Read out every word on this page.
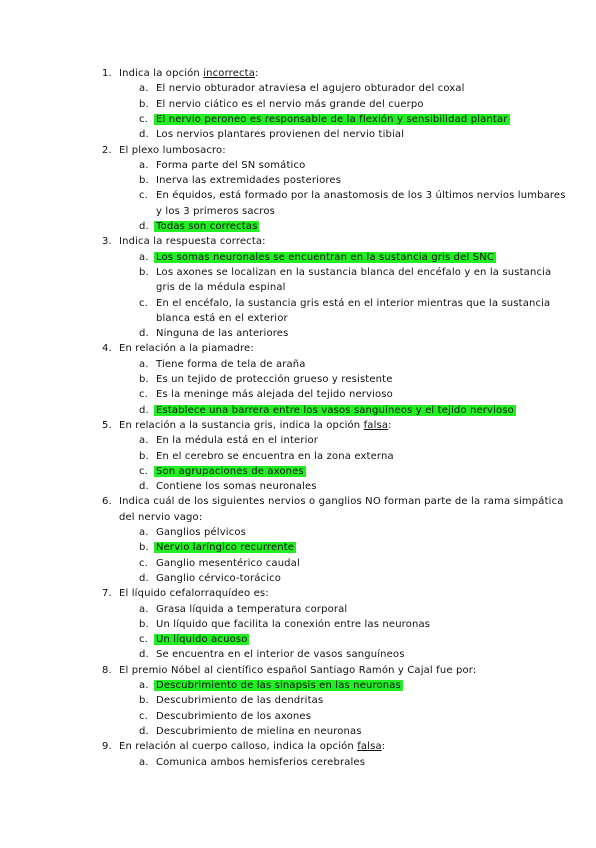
1. Indica la opción incorrecta:
a. El nervio obturador atraviesa el agujero obturador del coxal
b. El nervio ciático es el nervio más grande del cuerpo
c. El nervio peroneo es responsable de la flexión y sensibilidad plantar
d. Los nervios plantares provienen del nervio tibial
2. El plexo lumbosacro:
a. Forma parte del SN somático
b. Inerva las extremidades posteriores
c. En équidos, está formado por la anastomosis de los 3 últimos nervios lumbares
y los 3 primeros sacros
d. Todas son correctas
3. Indica la respuesta correcta:
a. Los somas neuronales se encuentran en la sustancia gris del SNC
b. Los axones se localizan en la sustancia blanca del encéfalo y en la sustancia
gris de la médula espinal
c. En el encéfalo, la sustancia gris está en el interior mientras que la sustancia
blanca está en el exterior
d. Ninguna de las anteriores
4. En relación a la piamadre:
a. Tiene forma de tela de araña
b. Es un tejido de protección grueso y resistente
c. Es la meninge más alejada del tejido nervioso
d. Establece una barrera entre los vasos sanguíneos y el tejido nervioso
5. En relación a la sustancia gris, indica la opción falsa:
a. En la médula está en el interior
b. En el cerebro se encuentra en la zona externa
c. Son agrupaciones de axones
d. Contiene los somas neuronales
6. Indica cuál de los siguientes nervios o ganglios NO forman parte de la rama simpática
del nervio vago:
a. Ganglios pélvicos
b. Nervio laríngico recurrente
c. Ganglio mesentérico caudal
d. Ganglio cérvico-torácico
7. El líquido cefalorraquídeo es:
a. Grasa líquida a temperatura corporal
b. Un líquido que facilita la conexión entre las neuronas
c. Un líquido acuoso
d. Se encuentra en el interior de vasos sanguíneos
8. El premio Nóbel al científico español Santiago Ramón y Cajal fue por:
a. Descubrimiento de las sinapsis en las neuronas
b. Descubrimiento de las dendritas
c. Descubrimiento de los axones
d. Descubrimiento de mielina en neuronas
9. En relación al cuerpo calloso, indica la opción falsa:
a. Comunica ambos hemisferios cerebrales
